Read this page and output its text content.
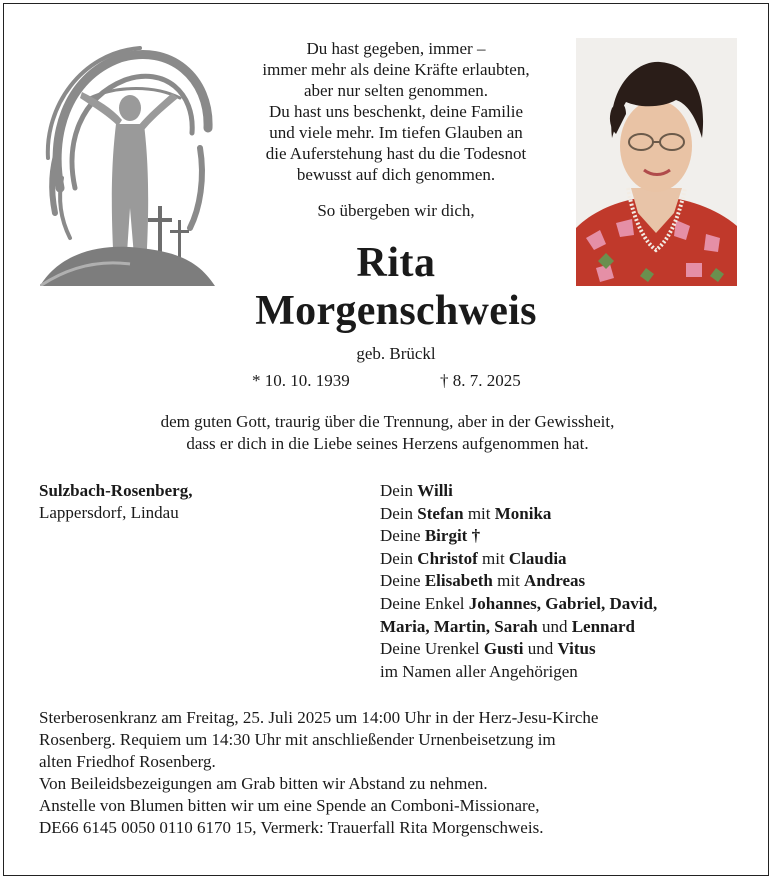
Du hast gegeben, immer –
immer mehr als deine Kräfte erlaubten,
aber nur selten genommen.
Du hast uns beschenkt, deine Familie
und viele mehr. Im tiefen Glauben an
die Auferstehung hast du die Todesnot
bewusst auf dich genommen.
So übergeben wir dich,
Rita
Morgenschweis
geb. Brückl
* 10. 10. 1939	† 8. 7. 2025
dem guten Gott, traurig über die Trennung, aber in der Gewissheit,
dass er dich in die Liebe seines Herzens aufgenommen hat.
Sulzbach-Rosenberg,
Lappersdorf, Lindau
Dein Willi
Dein Stefan mit Monika
Deine Birgit †
Dein Christof mit Claudia
Deine Elisabeth mit Andreas
Deine Enkel Johannes, Gabriel, David,
Maria, Martin, Sarah und Lennard
Deine Urenkel Gusti und Vitus
im Namen aller Angehörigen
Sterberosenkranz am Freitag, 25. Juli 2025 um 14:00 Uhr in der Herz-Jesu-Kirche
Rosenberg. Requiem um 14:30 Uhr mit anschließender Urnenbeisetzung im
alten Friedhof Rosenberg.
Von Beileidsbezeigungen am Grab bitten wir Abstand zu nehmen.
Anstelle von Blumen bitten wir um eine Spende an Comboni-Missionare,
DE66 6145 0050 0110 6170 15, Vermerk: Trauerfall Rita Morgenschweis.
